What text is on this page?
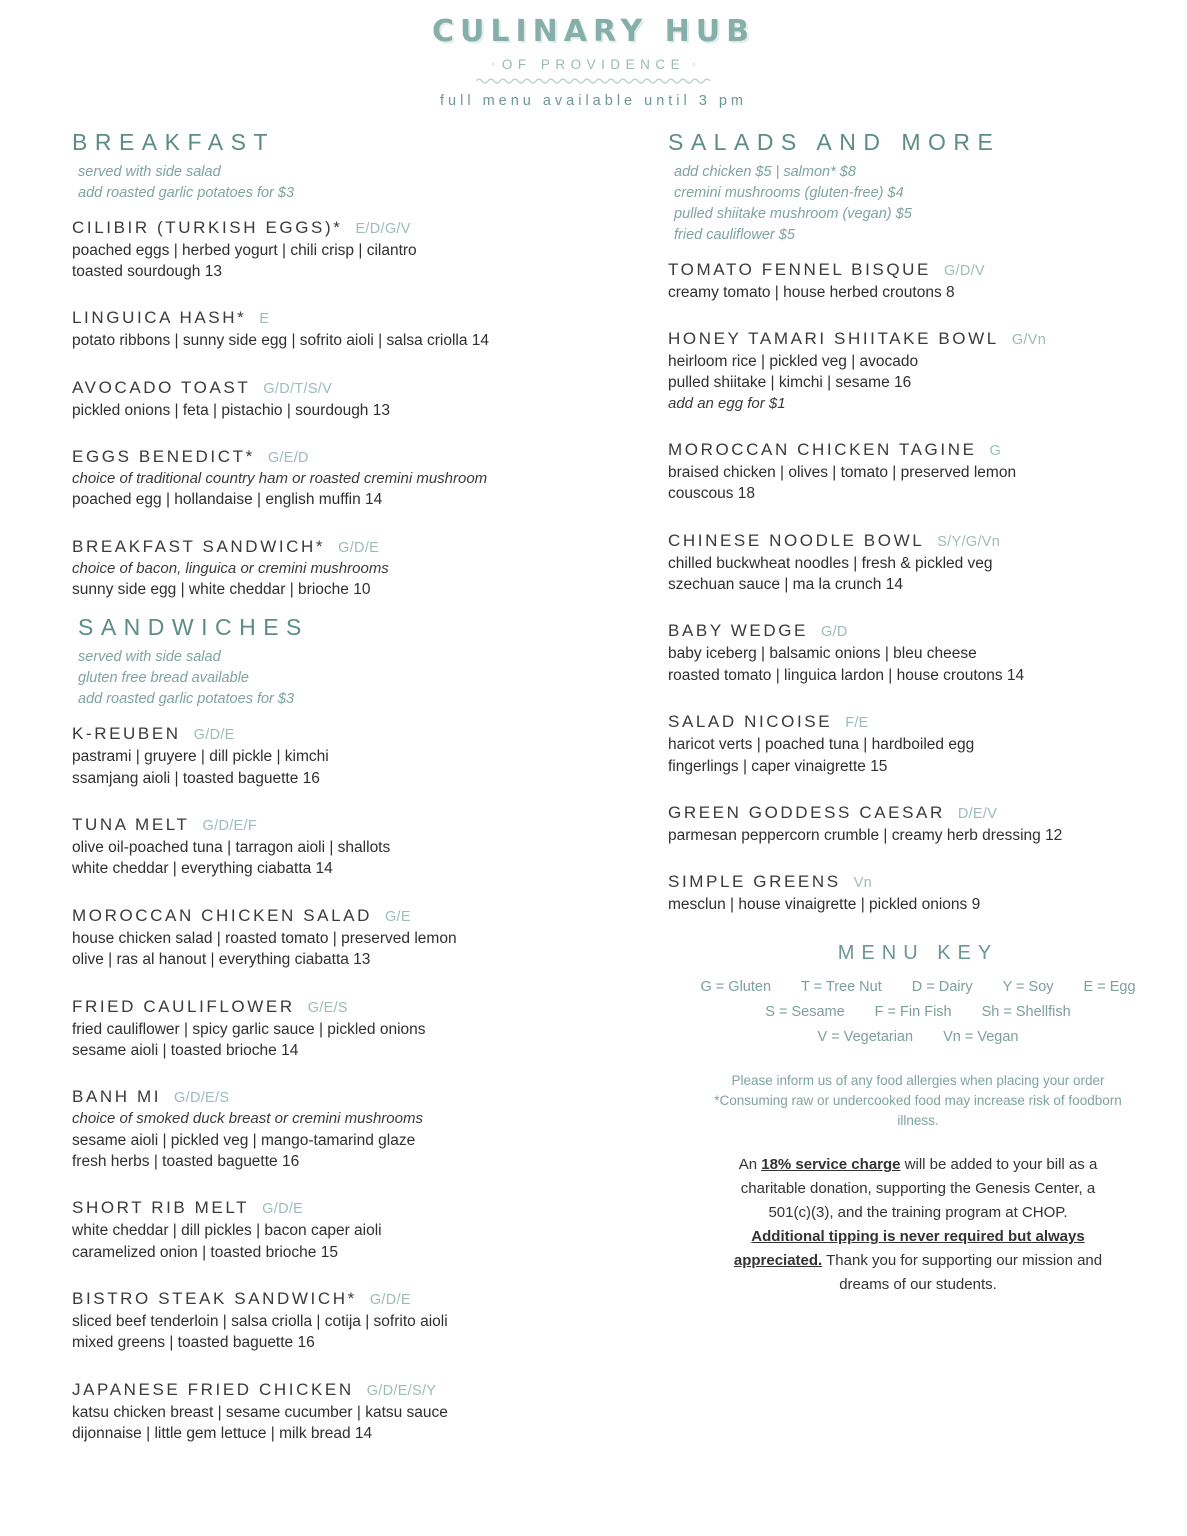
CULINARY HUB
◦ OF PROVIDENCE ◦
full menu available until 3 pm
BREAKFAST
served with side salad
add roasted garlic potatoes for $3
CILIBIR (TURKISH EGGS)* E/D/G/V
poached eggs | herbed yogurt | chili crisp | cilantro
toasted sourdough 13
LINGUICA HASH* E
potato ribbons | sunny side egg | sofrito aioli | salsa criolla 14
AVOCADO TOAST G/D/T/S/V
pickled onions | feta | pistachio | sourdough 13
EGGS BENEDICT* G/E/D
choice of traditional country ham or roasted cremini mushroom
poached egg | hollandaise | english muffin 14
BREAKFAST SANDWICH* G/D/E
choice of bacon, linguica or cremini mushrooms
sunny side egg | white cheddar | brioche 10
SANDWICHES
served with side salad
gluten free bread available
add roasted garlic potatoes for $3
K-REUBEN G/D/E
pastrami | gruyere | dill pickle | kimchi
ssamjang aioli | toasted baguette 16
TUNA MELT G/D/E/F
olive oil-poached tuna | tarragon aioli | shallots
white cheddar | everything ciabatta 14
MOROCCAN CHICKEN SALAD G/E
house chicken salad | roasted tomato | preserved lemon
olive | ras al hanout | everything ciabatta 13
FRIED CAULIFLOWER G/E/S
fried cauliflower | spicy garlic sauce | pickled onions
sesame aioli | toasted brioche 14
BANH MI G/D/E/S
choice of smoked duck breast or cremini mushrooms
sesame aioli | pickled veg | mango-tamarind glaze
fresh herbs | toasted baguette 16
SHORT RIB MELT G/D/E
white cheddar | dill pickles | bacon caper aioli
caramelized onion | toasted brioche 15
BISTRO STEAK SANDWICH* G/D/E
sliced beef tenderloin | salsa criolla | cotija | sofrito aioli
mixed greens | toasted baguette 16
JAPANESE FRIED CHICKEN G/D/E/S/Y
katsu chicken breast | sesame cucumber | katsu sauce
dijonnaise | little gem lettuce | milk bread 14
SALADS AND MORE
add chicken $5 | salmon* $8
cremini mushrooms (gluten-free) $4
pulled shiitake mushroom (vegan) $5
fried cauliflower $5
TOMATO FENNEL BISQUE G/D/V
creamy tomato | house herbed croutons 8
HONEY TAMARI SHIITAKE BOWL G/Vn
heirloom rice | pickled veg | avocado
pulled shiitake | kimchi | sesame 16
add an egg for $1
MOROCCAN CHICKEN TAGINE G
braised chicken | olives | tomato | preserved lemon
couscous 18
CHINESE NOODLE BOWL S/Y/G/Vn
chilled buckwheat noodles | fresh & pickled veg
szechuan sauce | ma la crunch 14
BABY WEDGE G/D
baby iceberg | balsamic onions | bleu cheese
roasted tomato | linguica lardon | house croutons 14
SALAD NICOISE F/E
haricot verts | poached tuna | hardboiled egg
fingerlings | caper vinaigrette 15
GREEN GODDESS CAESAR D/E/V
parmesan peppercorn crumble | creamy herb dressing 12
SIMPLE GREENS Vn
mesclun | house vinaigrette | pickled onions 9
MENU KEY
G = Gluten T = Tree Nut D = Dairy Y = Soy E = Egg
S = Sesame F = Fin Fish Sh = Shellfish
V = Vegetarian Vn = Vegan
Please inform us of any food allergies when placing your order
*Consuming raw or undercooked food may increase risk of foodborn illness.
An 18% service charge will be added to your bill as a charitable donation, supporting the Genesis Center, a 501(c)(3), and the training program at CHOP. Additional tipping is never required but always appreciated. Thank you for supporting our mission and dreams of our students.
